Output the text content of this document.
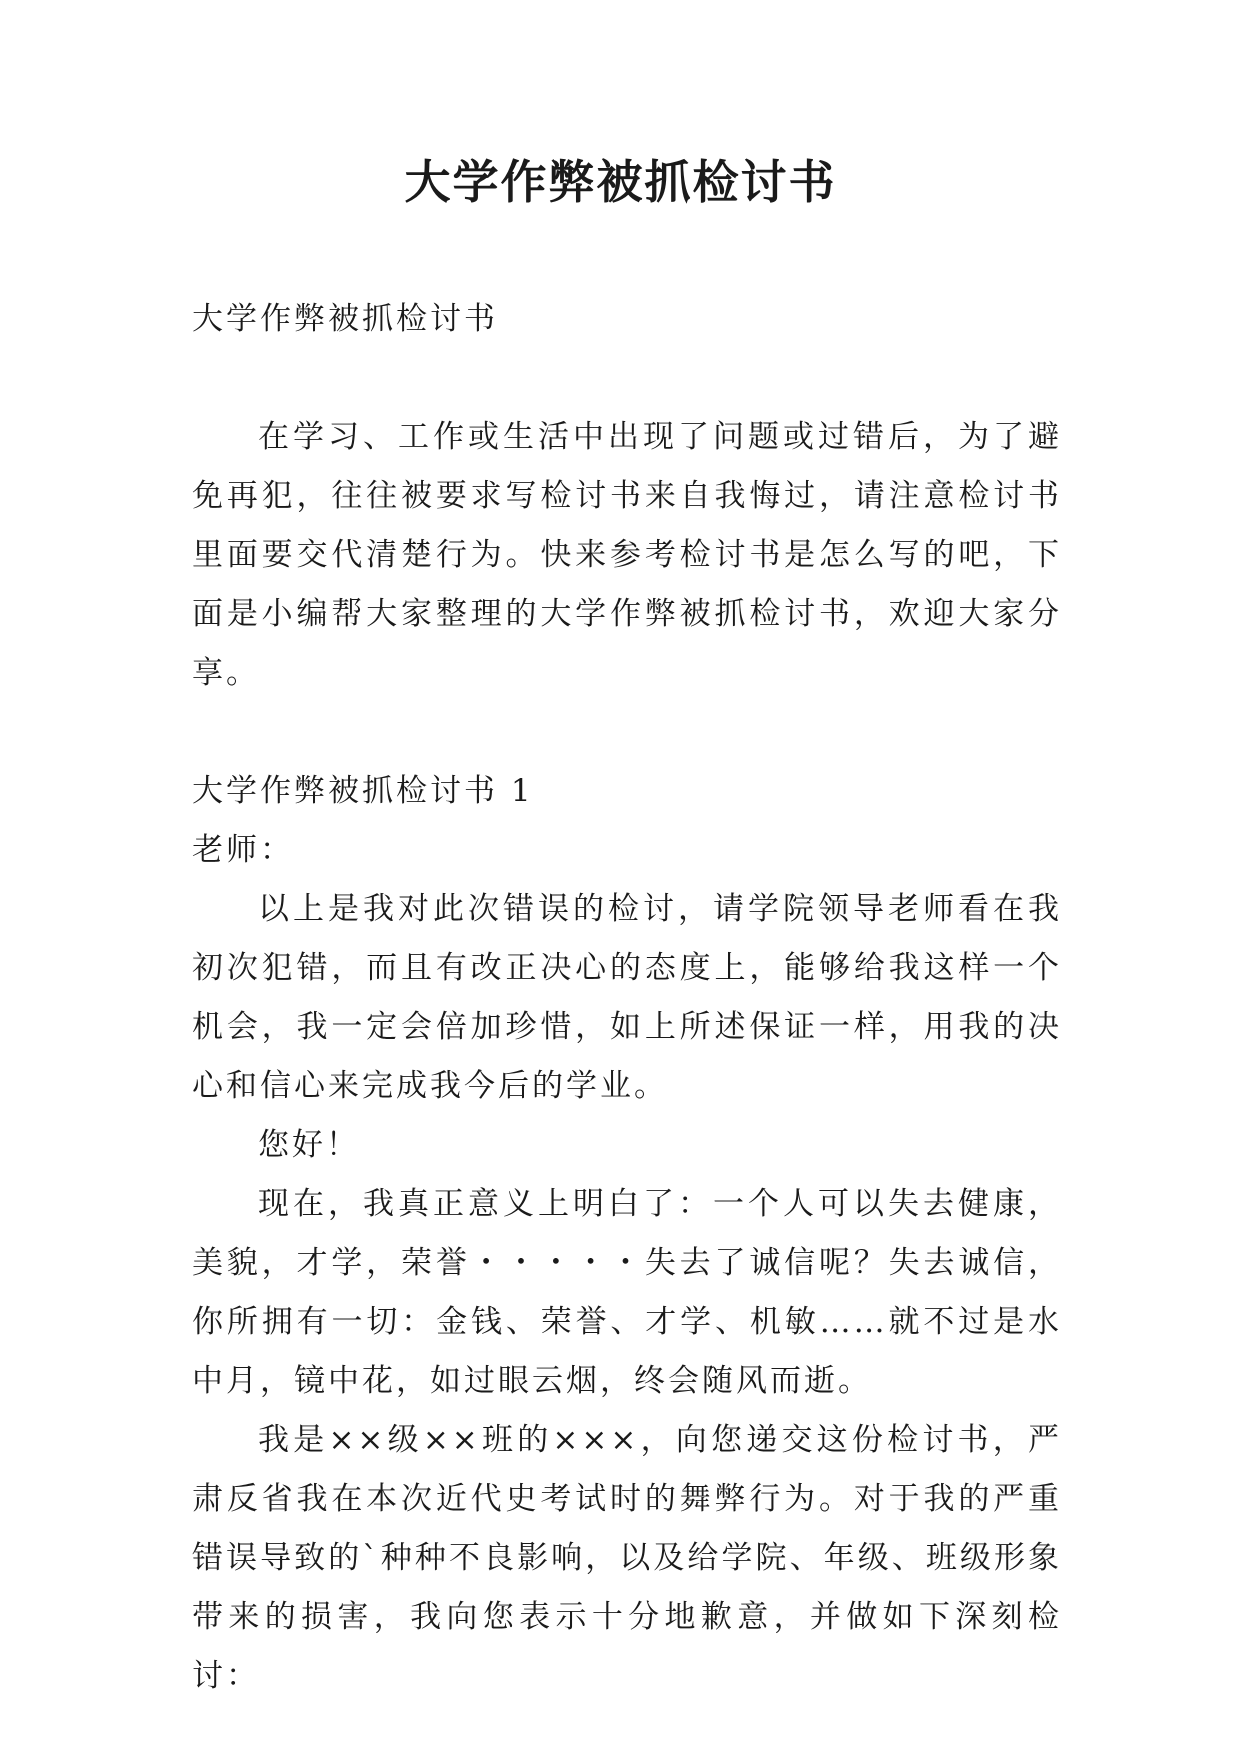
大学作弊被抓检讨书

大学作弊被抓检讨书

在学习、工作或生活中出现了问题或过错后，为了避免再犯，往往被要求写检讨书来自我悔过，请注意检讨书里面要交代清楚行为。快来参考检讨书是怎么写的吧，下面是小编帮大家整理的大学作弊被抓检讨书，欢迎大家分享。

大学作弊被抓检讨书 1

老师：

以上是我对此次错误的检讨，请学院领导老师看在我初次犯错，而且有改正决心的态度上，能够给我这样一个机会，我一定会倍加珍惜，如上所述保证一样，用我的决心和信心来完成我今后的学业。

您好！

现在，我真正意义上明白了：一个人可以失去健康，美貌，才学，荣誉・・・・・失去了诚信呢？失去诚信，你所拥有一切：金钱、荣誉、才学、机敏……就不过是水中月，镜中花，如过眼云烟，终会随风而逝。

我是××级××班的×××，向您递交这份检讨书，严肃反省我在本次近代史考试时的舞弊行为。对于我的严重错误导致的`种种不良影响，以及给学院、年级、班级形象带来的损害，我向您表示十分地歉意，并做如下深刻检讨：
